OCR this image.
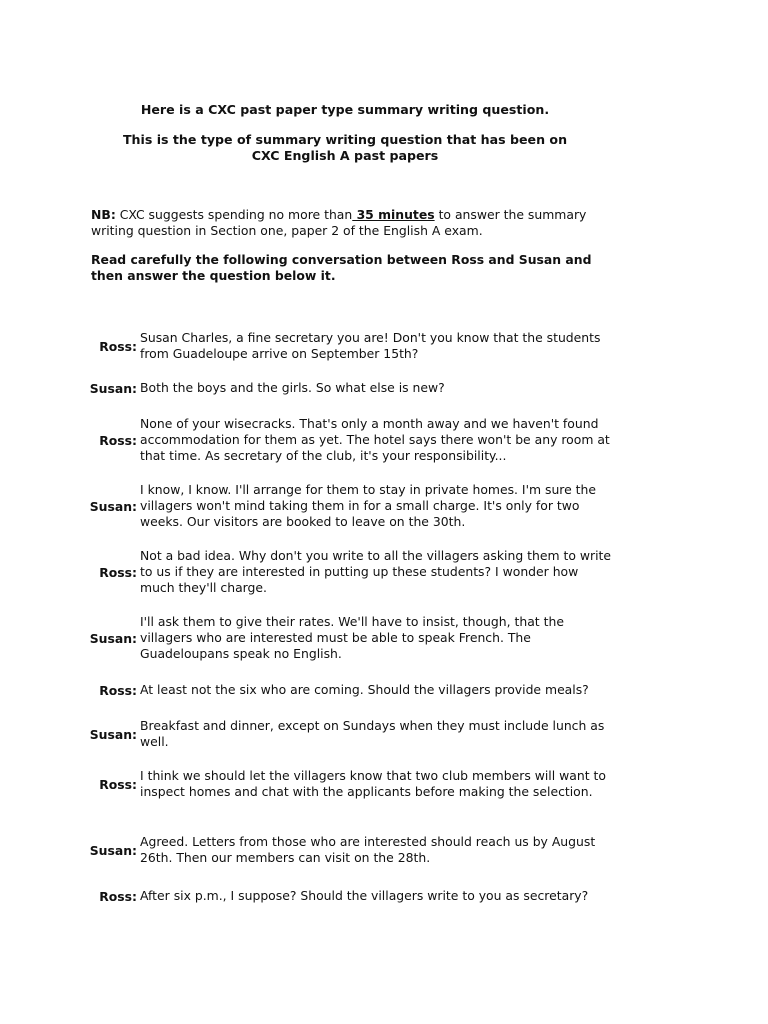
Here is a CXC past paper type summary writing question.
This is the type of summary writing question that has been on
CXC English A past papers
NB: CXC suggests spending no more than 35 minutes to answer the summary writing question in Section one, paper 2 of the English A exam.
Read carefully the following conversation between Ross and Susan and then answer the question below it.
Ross:
Susan Charles, a fine secretary you are! Don't you know that the students from Guadeloupe arrive on September 15th?
Susan: Both the boys and the girls. So what else is new?
Ross:
None of your wisecracks. That's only a month away and we haven't found accommodation for them as yet. The hotel says there won't be any room at that time. As secretary of the club, it's your responsibility...
Susan:
I know, I know. I'll arrange for them to stay in private homes. I'm sure the villagers won't mind taking them in for a small charge. It's only for two weeks. Our visitors are booked to leave on the 30th.
Ross:
Not a bad idea. Why don't you write to all the villagers asking them to write to us if they are interested in putting up these students? I wonder how much they'll charge.
Susan:
I'll ask them to give their rates. We'll have to insist, though, that the villagers who are interested must be able to speak French. The Guadeloupans speak no English.
Ross: At least not the six who are coming. Should the villagers provide meals?
Susan:
Breakfast and dinner, except on Sundays when they must include lunch as well.
Ross:
I think we should let the villagers know that two club members will want to inspect homes and chat with the applicants before making the selection.
Susan:
Agreed. Letters from those who are interested should reach us by August 26th. Then our members can visit on the 28th.
Ross: After six p.m., I suppose? Should the villagers write to you as secretary?
